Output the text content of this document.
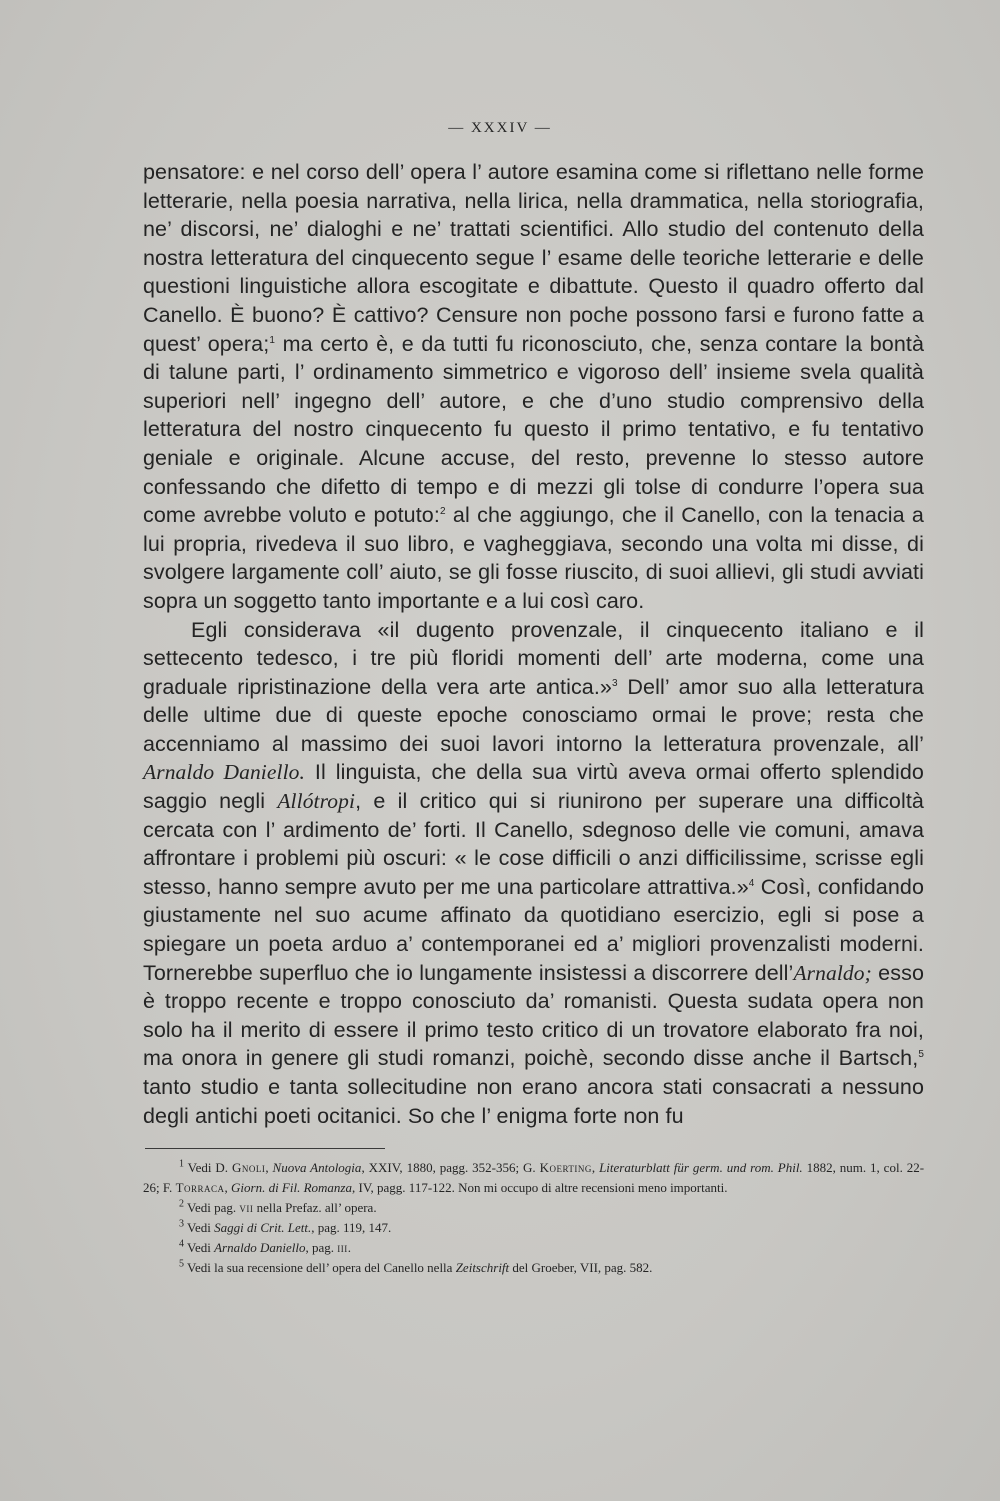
— XXXIV —

pensatore: e nel corso dell’ opera l’ autore esamina come si riflettano nelle forme letterarie, nella poesia narrativa, nella lirica, nella drammatica, nella storiografia, ne’ discorsi, ne’ dialoghi e ne’ trattati scientifici. Allo studio del contenuto della nostra letteratura del cinquecento segue l’ esame delle teoriche letterarie e delle questioni linguistiche allora escogitate e dibattute. Questo il quadro offerto dal Canello. È buono? È cattivo? Censure non poche possono farsi e furono fatte a quest’ opera;$^1$ ma certo è, e da tutti fu riconosciuto, che, senza contare la bontà di talune parti, l’ ordinamento simmetrico e vigoroso dell’ insieme svela qualità superiori nell’ ingegno dell’ autore, e che d’uno studio comprensivo della letteratura del nostro cinquecento fu questo il primo tentativo, e fu tentativo geniale e originale. Alcune accuse, del resto, prevenne lo stesso autore confessando che difetto di tempo e di mezzi gli tolse di condurre l’opera sua come avrebbe voluto e potuto:$^2$ al che aggiungo, che il Canello, con la tenacia a lui propria, rivedeva il suo libro, e vagheggiava, secondo una volta mi disse, di svolgere largamente coll’ aiuto, se gli fosse riuscito, di suoi allievi, gli studi avviati sopra un soggetto tanto importante e a lui così caro.

Egli considerava «il dugento provenzale, il cinquecento italiano e il settecento tedesco, i tre più floridi momenti dell’ arte moderna, come una graduale ripristinazione della vera arte antica.»$^3$ Dell’ amor suo alla letteratura delle ultime due di queste epoche conosciamo ormai le prove; resta che accenniamo al massimo dei suoi lavori intorno la letteratura provenzale, all’ Arnaldo Daniello. Il linguista, che della sua virtù aveva ormai offerto splendido saggio negli Allótropi, e il critico qui si riunirono per superare una difficoltà cercata con l’ ardimento de’ forti. Il Canello, sdegnoso delle vie comuni, amava affrontare i problemi più oscuri: « le cose difficili o anzi difficilissime, scrisse egli stesso, hanno sempre avuto per me una particolare attrattiva.»$^4$ Così, confidando giustamente nel suo acume affinato da quotidiano esercizio, egli si pose a spiegare un poeta arduo a’ contemporanei ed a’ migliori provenzalisti moderni. Tornerebbe superfluo che io lungamente insistessi a discorrere dell’Arnaldo; esso è troppo recente e troppo conosciuto da’ romanisti. Questa sudata opera non solo ha il merito di essere il primo testo critico di un trovatore elaborato fra noi, ma onora in genere gli studi romanzi, poichè, secondo disse anche il Bartsch,$^5$ tanto studio e tanta sollecitudine non erano ancora stati consacrati a nessuno degli antichi poeti ocitanici. So che l’ enigma forte non fu

$^1$ Vedi D. Gnoli, Nuova Antologia, XXIV, 1880, pagg. 352-356; G. Koerting, Literaturblatt für germ. und rom. Phil. 1882, num. 1, col. 22-26; F. Torraca, Giorn. di Fil. Romanza, IV, pagg. 117-122. Non mi occupo di altre recensioni meno importanti.

$^2$ Vedi pag. vii nella Prefaz. all’ opera.

$^3$ Vedi Saggi di Crit. Lett., pag. 119, 147.

$^4$ Vedi Arnaldo Daniello, pag. iii.

$^5$ Vedi la sua recensione dell’ opera del Canello nella Zeitschrift del Groeber, VII, pag. 582.
